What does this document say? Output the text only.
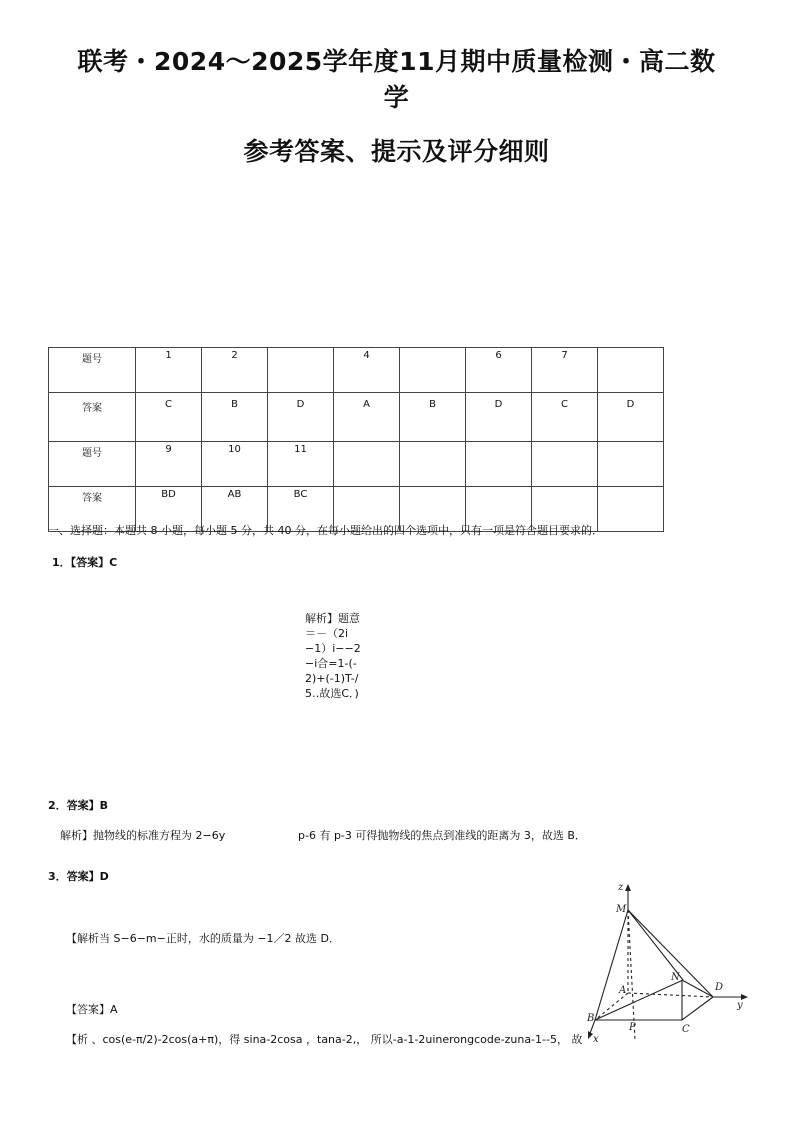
联考・2024～2025学年度11月期中质量检测・高二数
学
参考答案、提示及评分细则
题号	1	2		4		6	7	
答案	C	B	D	A	B	D	C	D
题号	9	10	11					
答案	BD	AB	BC					
一、选择题：本题共 8 小题，每小题 5 分，共 40 分，在每小题给出的四个选项中，只有一项是符合题目要求的．
1．【答案】C
解析】题意＝－（2i−1）i−−2−i合=1-(-2)+(-1)T-/5‥故选C．)
2．答案】B
解析】抛物线的标准方程为 2−6y	p-6 有 p-3 可得抛物线的焦点到准线的距离为 3，故选 B．
3．答案】D
【解析当 S−6−m−正时，水的质量为 −1／2 故选 D．
【答案】A
【析 、cos(e-π/2)-2cos(a+π)，得 sina-2cosa ，tana-2,， 所以-a-1-2uinerongcode-zuna-1--5， 故
z
M
N
A	D
y
B
P	C
x
